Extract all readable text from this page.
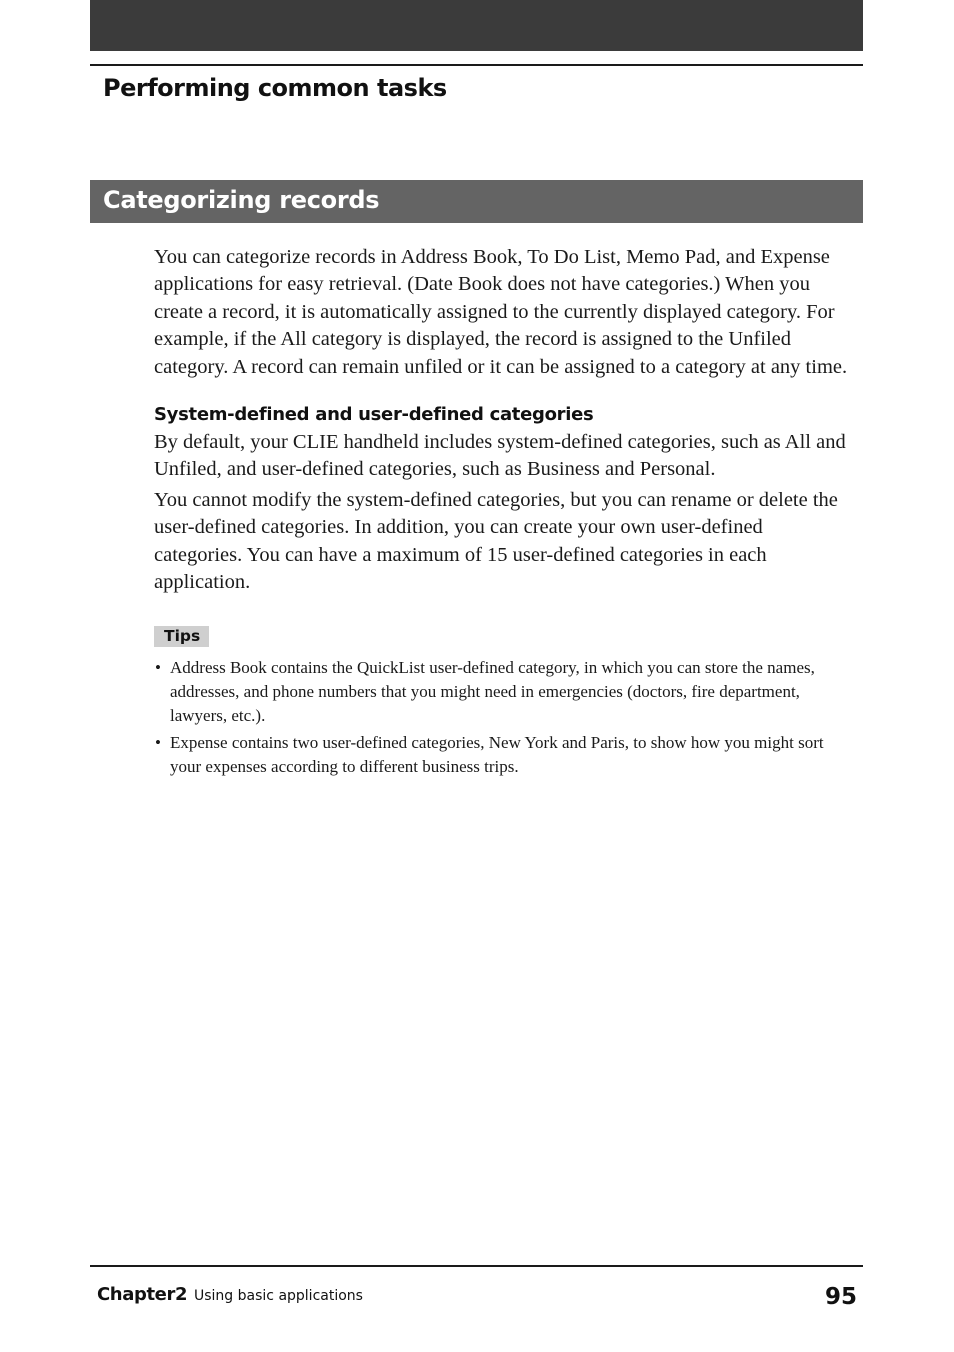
Performing common tasks
Categorizing records

You can categorize records in Address Book, To Do List, Memo Pad, and Expense applications for easy retrieval. (Date Book does not have categories.) When you create a record, it is automatically assigned to the currently displayed category. For example, if the All category is displayed, the record is assigned to the Unfiled category. A record can remain unfiled or it can be assigned to a category at any time.

System-defined and user-defined categories

By default, your CLIE handheld includes system-defined categories, such as All and Unfiled, and user-defined categories, such as Business and Personal.

You cannot modify the system-defined categories, but you can rename or delete the user-defined categories. In addition, you can create your own user-defined categories. You can have a maximum of 15 user-defined categories in each application.

Tips
• Address Book contains the QuickList user-defined category, in which you can store the names, addresses, and phone numbers that you might need in emergencies (doctors, fire department, lawyers, etc.).
• Expense contains two user-defined categories, New York and Paris, to show how you might sort your expenses according to different business trips.
Chapter2 Using basic applications	95
